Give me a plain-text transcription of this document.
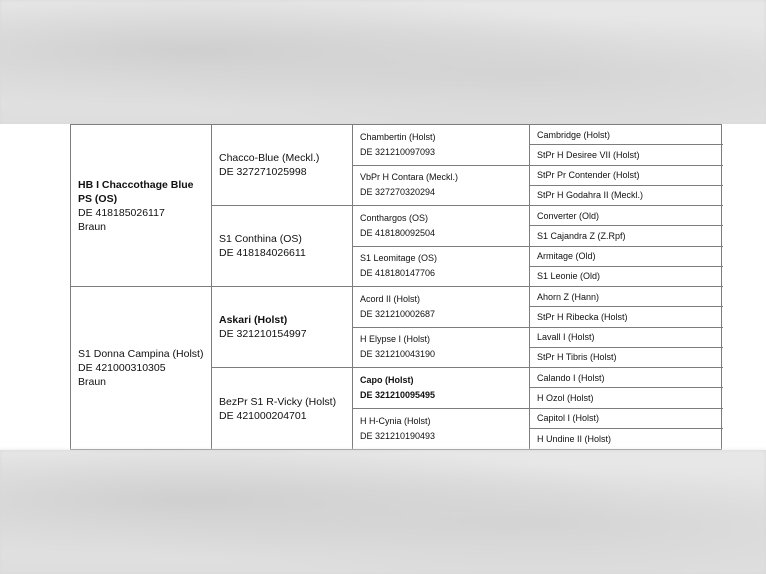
HB I Chaccothage Blue PS (OS)
DE 418185026117
Braun
Chacco-Blue (Meckl.)
DE 327271025998
Chambertin (Holst)
DE 321210097093
Cambridge (Holst)
StPr H Desiree VII (Holst)
VbPr H Contara (Meckl.)
DE 327270320294
StPr Pr Contender (Holst)
StPr H Godahra II (Meckl.)
S1 Conthina (OS)
DE 418184026611
Conthargos (OS)
DE 418180092504
Converter (Old)
S1 Cajandra Z (Z.Rpf)
S1 Leomitage (OS)
DE 418180147706
Armitage (Old)
S1 Leonie (Old)
S1 Donna Campina (Holst)
DE 421000310305
Braun
Askari (Holst)
DE 321210154997
Acord II (Holst)
DE 321210002687
Ahorn Z (Hann)
StPr H Ribecka (Holst)
H Elypse I (Holst)
DE 321210043190
Lavall I (Holst)
StPr H Tibris (Holst)
BezPr S1 R-Vicky (Holst)
DE 421000204701
Capo (Holst)
DE 321210095495
Calando I (Holst)
H Ozol (Holst)
H H-Cynia (Holst)
DE 321210190493
Capitol I (Holst)
H Undine II (Holst)
